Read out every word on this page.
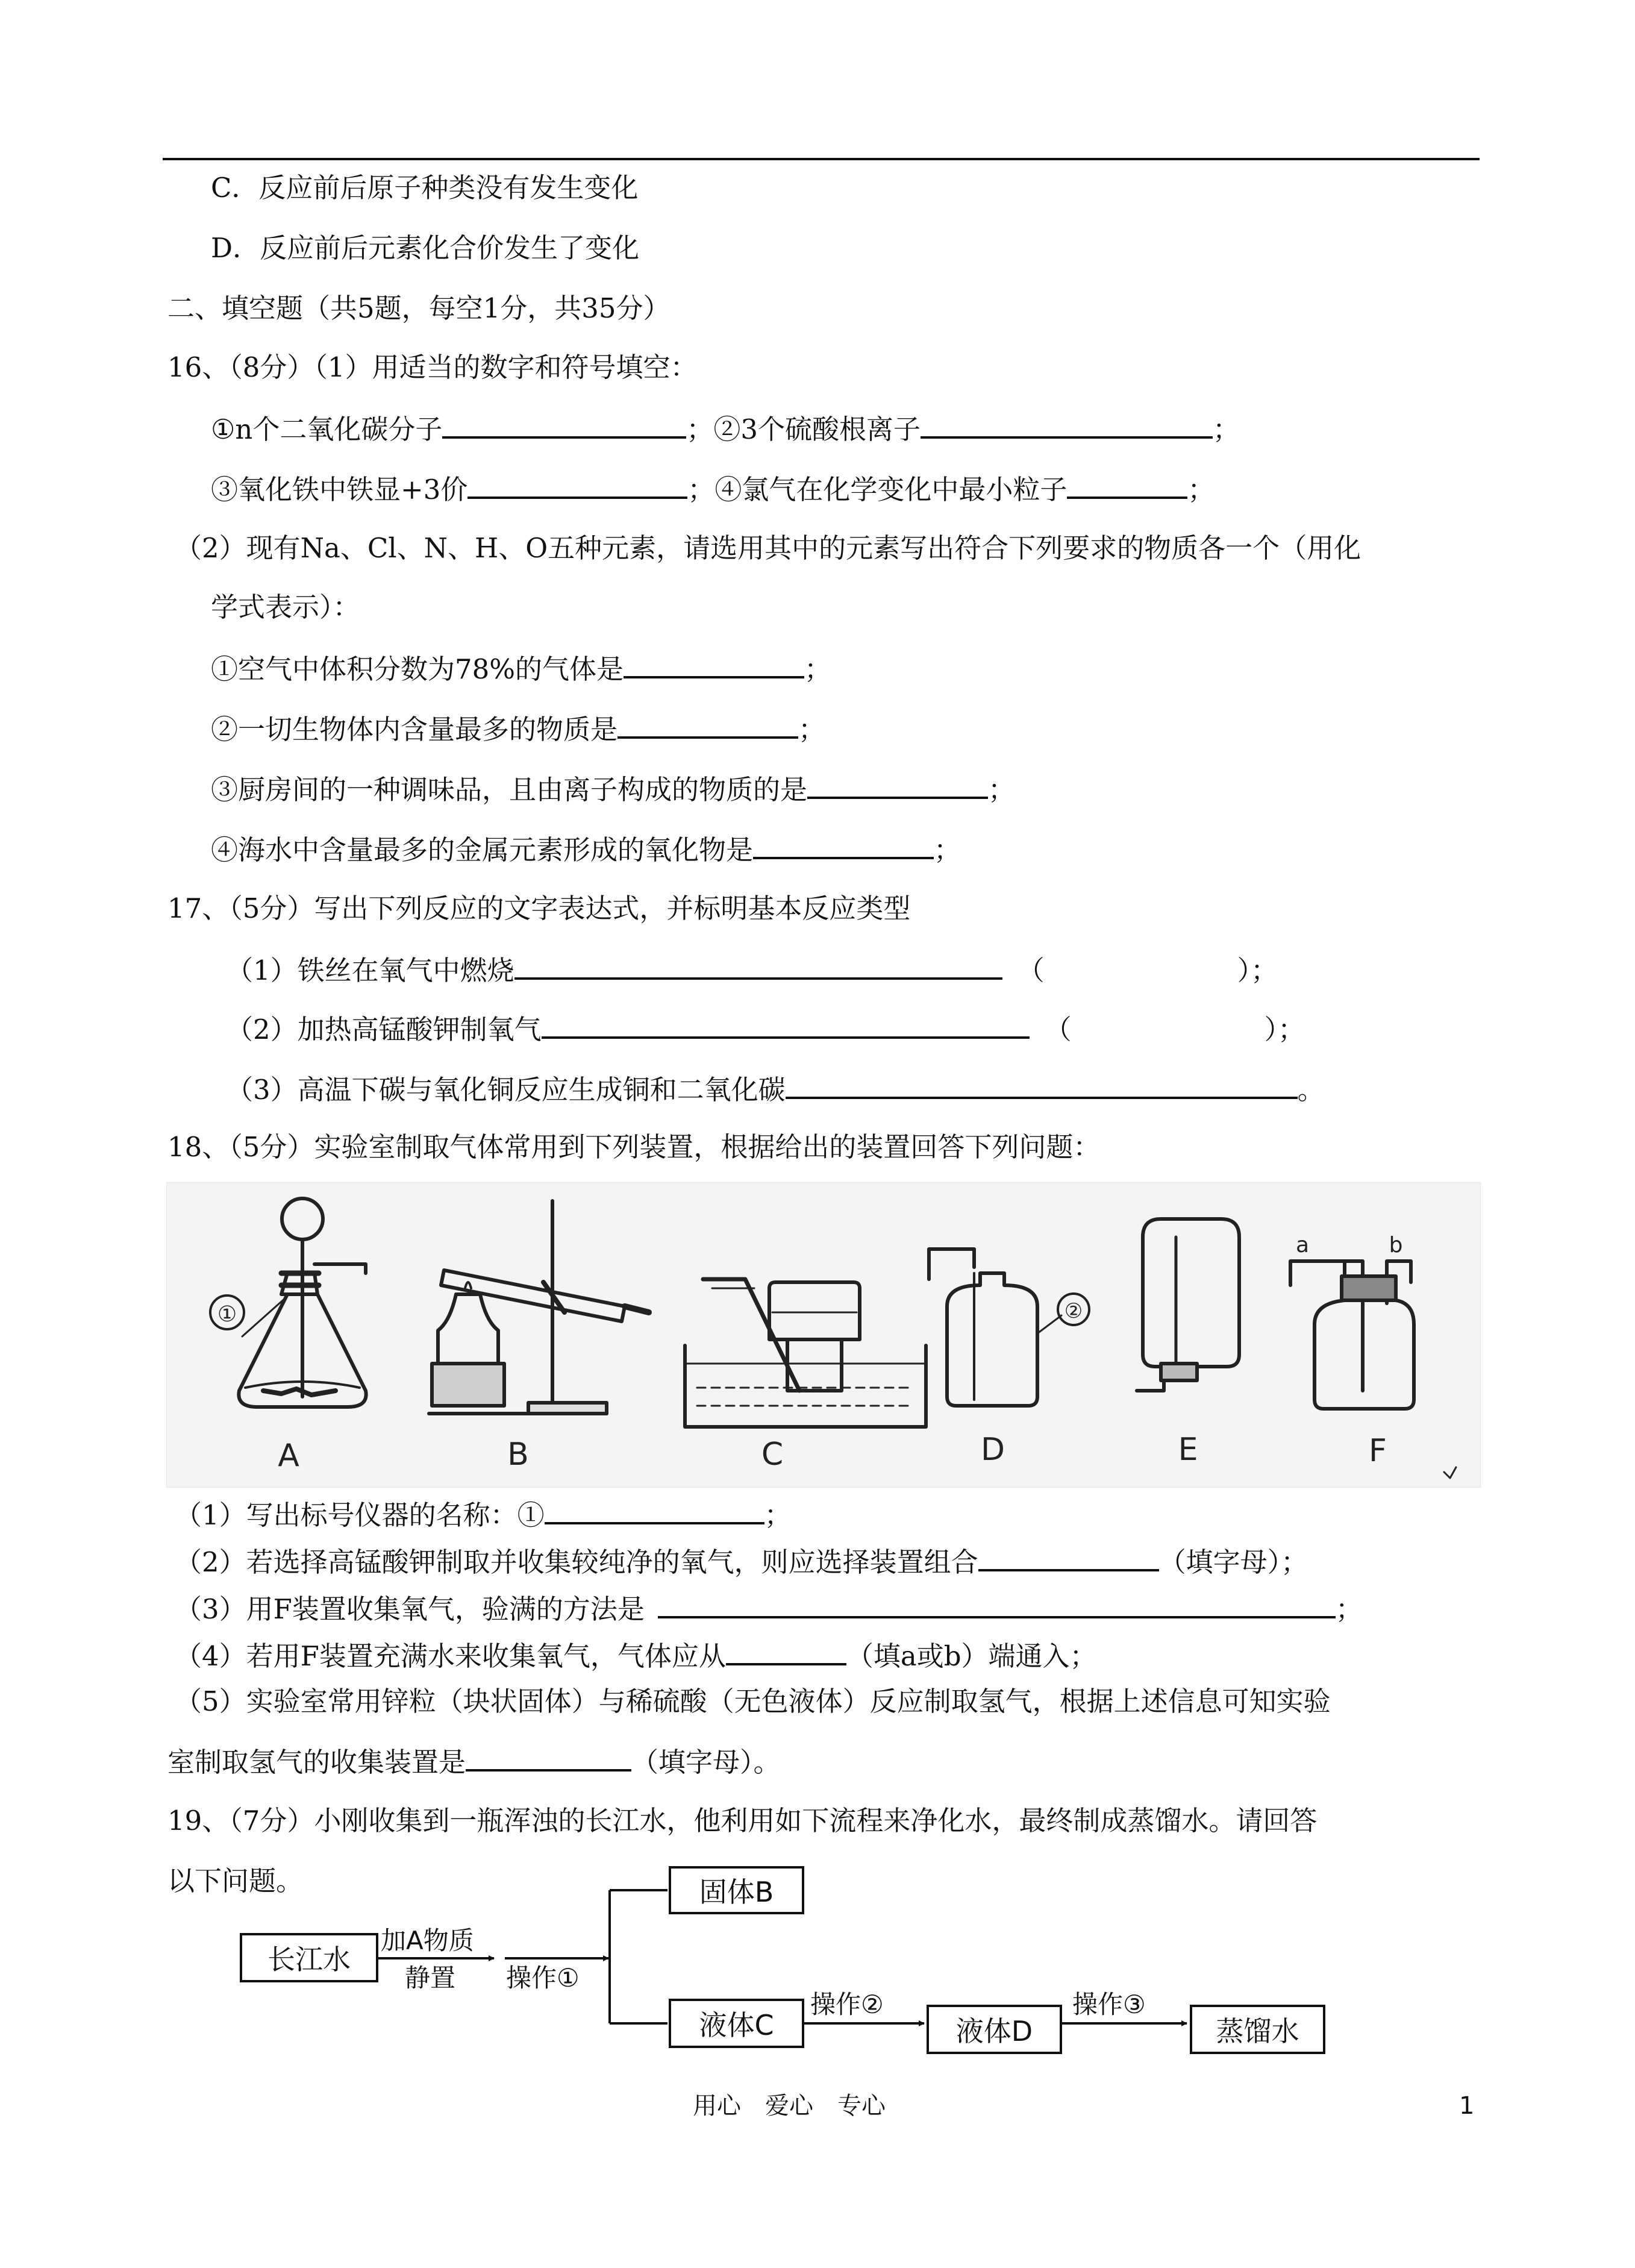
C．反应前后原子种类没有发生变化
D．反应前后元素化合价发生了变化
二、填空题（共5题，每空1分，共35分）
16、（8分）（1）用适当的数字和符号填空：
①n个二氧化碳分子	；②3个硫酸根离子	；
③氧化铁中铁显+3价	；④氯气在化学变化中最小粒子	；
（2）现有Na、Cl、N、H、O五种元素，请选用其中的元素写出符合下列要求的物质各一个（用化
学式表示）：
①空气中体积分数为78%的气体是	；
②一切生物体内含量最多的物质是	；
③厨房间的一种调味品，且由离子构成的物质的是	；
④海水中含量最多的金属元素形成的氧化物是	；
17、（5分）写出下列反应的文字表达式，并标明基本反应类型
（1）铁丝在氧气中燃烧	（	）；
（2）加热高锰酸钾制氧气	（	）；
（3）高温下碳与氧化铜反应生成铜和二氧化碳	。
18、（5分）实验室制取气体常用到下列装置，根据给出的装置回答下列问题：
①	②
a	b
A	B	C	D	E	F
（1）写出标号仪器的名称：①	；
（2）若选择高锰酸钾制取并收集较纯净的氧气，则应选择装置组合	（填字母）；
（3）用F装置收集氧气，验满的方法是	；
（4）若用F装置充满水来收集氧气，气体应从	（填a或b）端通入；
（5）实验室常用锌粒（块状固体）与稀硫酸（无色液体）反应制取氢气，根据上述信息可知实验
室制取氢气的收集装置是	（填字母）。
19、（7分）小刚收集到一瓶浑浊的长江水，他利用如下流程来净化水，最终制成蒸馏水。请回答
以下问题。
长江水
加A物质
静置 操作①
固体B
液体C
操作②
液体D
操作③
蒸馏水
用心　爱心　专心	1
